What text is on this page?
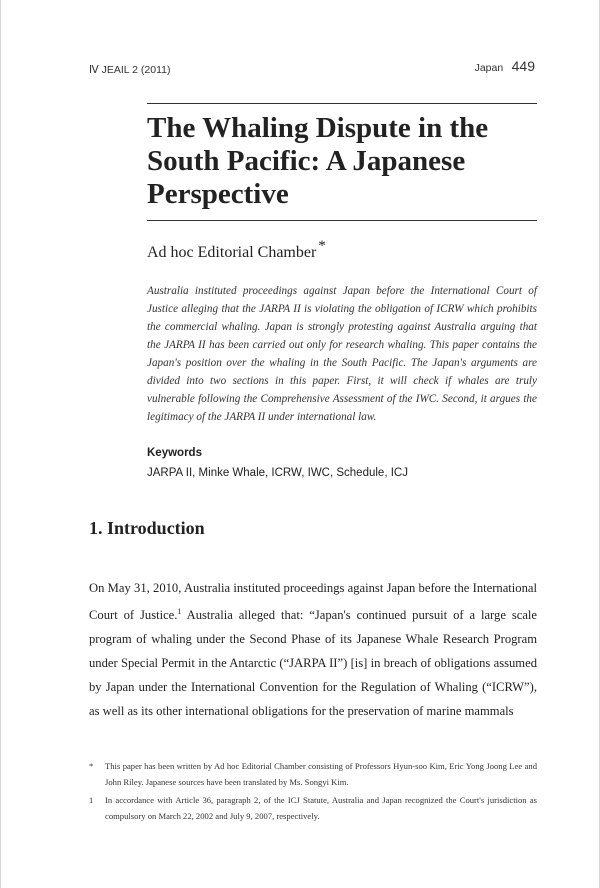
Ⅳ JEAIL 2 (2011)	Japan 449
The Whaling Dispute in the South Pacific: A Japanese Perspective
Ad hoc Editorial Chamber *

Australia instituted proceedings against Japan before the International Court of Justice alleging that the JARPA II is violating the obligation of ICRW which prohibits the commercial whaling. Japan is strongly protesting against Australia arguing that the JARPA II has been carried out only for research whaling. This paper contains the Japan's position over the whaling in the South Pacific. The Japan's arguments are divided into two sections in this paper. First, it will check if whales are truly vulnerable following the Comprehensive Assessment of the IWC. Second, it argues the legitimacy of the JARPA II under international law.

Keywords
JARPA II, Minke Whale, ICRW, IWC, Schedule, ICJ
1. Introduction

On May 31, 2010, Australia instituted proceedings against Japan before the International Court of Justice.$^1$ Australia alleged that: “Japan's continued pursuit of a large scale program of whaling under the Second Phase of its Japanese Whale Research Program under Special Permit in the Antarctic (“JARPA II”) [is] in breach of obligations assumed by Japan under the International Convention for the Regulation of Whaling (“ICRW”), as well as its other international obligations for the preservation of marine mammals

* This paper has been written by Ad hoc Editorial Chamber consisting of Professors Hyun-soo Kim, Eric Yong Joong Lee and John Riley. Japanese sources have been translated by Ms. Songyi Kim.
1 In accordance with Article 36, paragraph 2, of the ICJ Statute, Australia and Japan recognized the Court's jurisdiction as compulsory on March 22, 2002 and July 9, 2007, respectively.
